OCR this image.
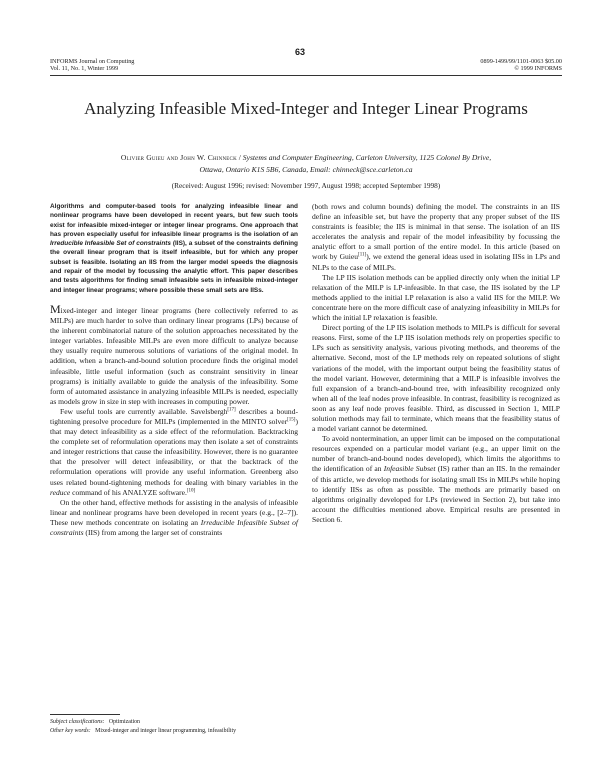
63
INFORMS Journal on Computing
Vol. 11, No. 1, Winter 1999
0899-1499/99/1101-0063 $05.00
© 1999 INFORMS
Analyzing Infeasible Mixed-Integer and Integer Linear Programs
Olivier Guieu and John W. Chinneck / Systems and Computer Engineering, Carleton University, 1125 Colonel By Drive,
Ottawa, Ontario K1S 5B6, Canada, Email: chinneck@sce.carleton.ca
(Received: August 1996; revised: November 1997, August 1998; accepted September 1998)
Algorithms and computer-based tools for analyzing infeasible linear and nonlinear programs have been developed in recent years, but few such tools exist for infeasible mixed-integer or integer linear programs. One approach that has proven especially useful for infeasible linear programs is the isolation of an Irreducible Infeasible Set of constraints (IIS), a subset of the constraints defining the overall linear program that is itself infeasible, but for which any proper subset is feasible. Isolating an IIS from the larger model speeds the diagnosis and repair of the model by focussing the analytic effort. This paper describes and tests algorithms for finding small infeasible sets in infeasible mixed-integer and integer linear programs; where possible these small sets are IISs.

Mixed-integer and integer linear programs (here collectively referred to as MILPs) are much harder to solve than ordinary linear programs (LPs) because of the inherent combinatorial nature of the solution approaches necessitated by the integer variables. Infeasible MILPs are even more difficult to analyze because they usually require numerous solutions of variations of the original model. In addition, when a branch-and-bound solution procedure finds the original model infeasible, little useful information (such as constraint sensitivity in linear programs) is initially available to guide the analysis of the infeasibility. Some form of automated assistance in analyzing infeasible MILPs is needed, especially as models grow in size in step with increases in computing power.

Few useful tools are currently available. Savelsbergh[17] describes a bound-tightening presolve procedure for MILPs (implemented in the MINTO solver[15]) that may detect infeasibility as a side effect of the reformulation. Backtracking the complete set of reformulation operations may then isolate a set of constraints and integer restrictions that cause the infeasibility. However, there is no guarantee that the presolver will detect infeasibility, or that the backtrack of the reformulation operations will provide any useful information. Greenberg also uses related bound-tightening methods for dealing with binary variables in the reduce command of his ANALYZE software.[10]

On the other hand, effective methods for assisting in the analysis of infeasible linear and nonlinear programs have been developed in recent years (e.g., [2–7]). These new methods concentrate on isolating an Irreducible Infeasible Subset of constraints (IIS) from among the larger set of constraints

(both rows and column bounds) defining the model. The constraints in an IIS define an infeasible set, but have the property that any proper subset of the IIS constraints is feasible; the IIS is minimal in that sense. The isolation of an IIS accelerates the analysis and repair of the model infeasibility by focussing the analytic effort to a small portion of the entire model. In this article (based on work by Guieu[11]), we extend the general ideas used in isolating IISs in LPs and NLPs to the case of MILPs.

The LP IIS isolation methods can be applied directly only when the initial LP relaxation of the MILP is LP-infeasible. In that case, the IIS isolated by the LP methods applied to the initial LP relaxation is also a valid IIS for the MILP. We concentrate here on the more difficult case of analyzing infeasibility in MILPs for which the initial LP relaxation is feasible.

Direct porting of the LP IIS isolation methods to MILPs is difficult for several reasons. First, some of the LP IIS isolation methods rely on properties specific to LPs such as sensitivity analysis, various pivoting methods, and theorems of the alternative. Second, most of the LP methods rely on repeated solutions of slight variations of the model, with the important output being the feasibility status of the model variant. However, determining that a MILP is infeasible involves the full expansion of a branch-and-bound tree, with infeasibility recognized only when all of the leaf nodes prove infeasible. In contrast, feasibility is recognized as soon as any leaf node proves feasible. Third, as discussed in Section 1, MILP solution methods may fail to terminate, which means that the feasibility status of a model variant cannot be determined.

To avoid nontermination, an upper limit can be imposed on the computational resources expended on a particular model variant (e.g., an upper limit on the number of branch-and-bound nodes developed), which limits the algorithms to the identification of an Infeasible Subset (IS) rather than an IIS. In the remainder of this article, we develop methods for isolating small ISs in MILPs while hoping to identify IISs as often as possible. The methods are primarily based on algorithms originally developed for LPs (reviewed in Section 2), but take into account the difficulties mentioned above. Empirical results are presented in Section 6.

Subject classifications: Optimization
Other key words: Mixed-integer and integer linear programming, infeasibility
